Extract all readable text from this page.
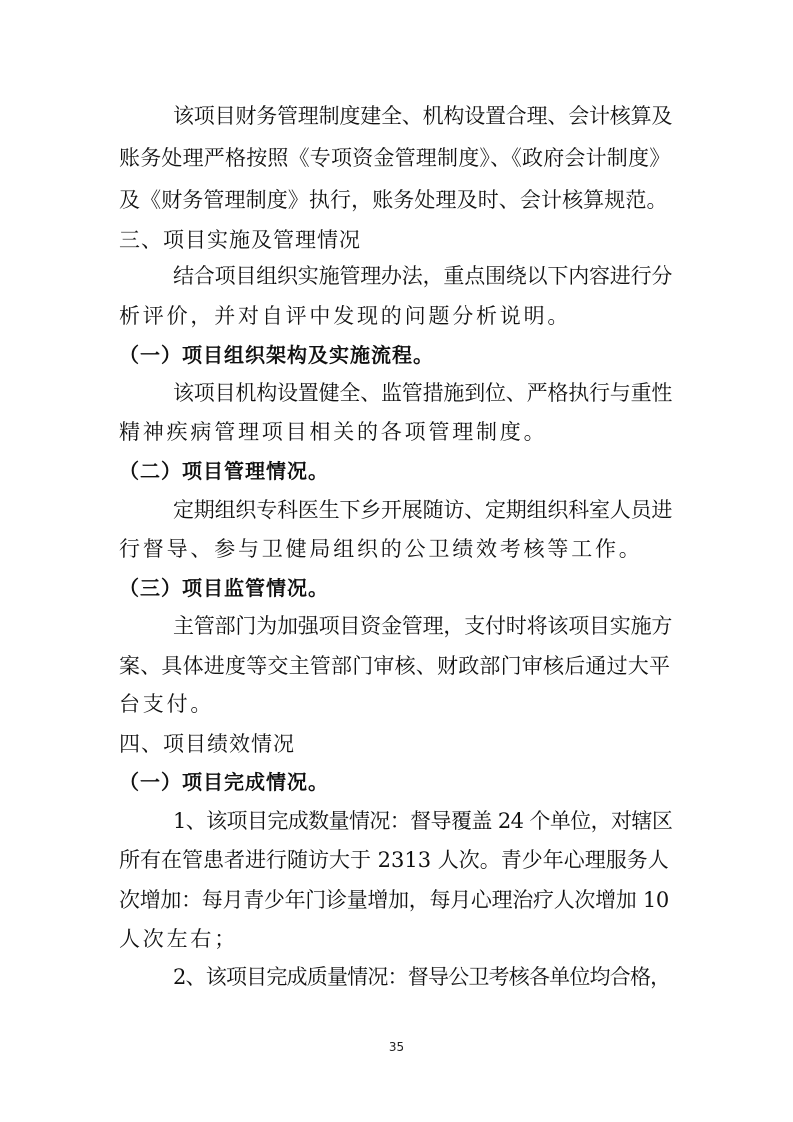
该项目财务管理制度建全、机构设置合理、会计核算及
账务处理严格按照《专项资金管理制度》、《政府会计制度》
及《财务管理制度》执行，账务处理及时、会计核算规范。
三、项目实施及管理情况
结合项目组织实施管理办法，重点围绕以下内容进行分
析评价，并对自评中发现的问题分析说明。
（一）项目组织架构及实施流程。
该项目机构设置健全、监管措施到位、严格执行与重性
精神疾病管理项目相关的各项管理制度。
（二）项目管理情况。
定期组织专科医生下乡开展随访、定期组织科室人员进
行督导、参与卫健局组织的公卫绩效考核等工作。
（三）项目监管情况。
主管部门为加强项目资金管理，支付时将该项目实施方
案、具体进度等交主管部门审核、财政部门审核后通过大平
台支付。
四、项目绩效情况
（一）项目完成情况。
1、该项目完成数量情况：督导覆盖 24 个单位，对辖区
所有在管患者进行随访大于 2313 人次。青少年心理服务人
次增加：每月青少年门诊量增加，每月心理治疗人次增加 10
人次左右；
2、该项目完成质量情况：督导公卫考核各单位均合格，
35
